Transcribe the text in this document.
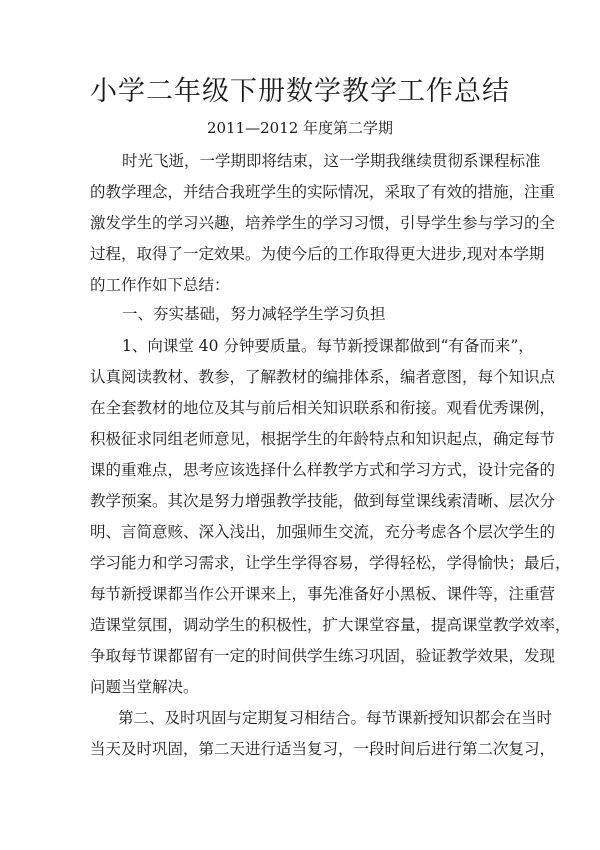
小学二年级下册数学教学工作总结
2011—2012 年度第二学期
时光飞逝，一学期即将结束，这一学期我继续贯彻系课程标准
的教学理念，并结合我班学生的实际情况，采取了有效的措施，注重
激发学生的学习兴趣，培养学生的学习习惯，引导学生参与学习的全
过程，取得了一定效果。为使今后的工作取得更大进步,现对本学期
的工作作如下总结：
一、夯实基础，努力减轻学生学习负担
1、向课堂 40 分钟要质量。每节新授课都做到“有备而来”，
认真阅读教材、教参，了解教材的编排体系，编者意图，每个知识点
在全套教材的地位及其与前后相关知识联系和衔接。观看优秀课例，
积极征求同组老师意见，根据学生的年龄特点和知识起点，确定每节
课的重难点，思考应该选择什么样教学方式和学习方式，设计完备的
教学预案。其次是努力增强教学技能，做到每堂课线索清晰、层次分
明、言简意赅、深入浅出，加强师生交流，充分考虑各个层次学生的
学习能力和学习需求，让学生学得容易，学得轻松，学得愉快；最后，
每节新授课都当作公开课来上，事先准备好小黑板、课件等，注重营
造课堂氛围，调动学生的积极性，扩大课堂容量，提高课堂教学效率，
争取每节课都留有一定的时间供学生练习巩固，验证教学效果，发现
问题当堂解决。
第二、及时巩固与定期复习相结合。每节课新授知识都会在当时
当天及时巩固，第二天进行适当复习，一段时间后进行第二次复习，
